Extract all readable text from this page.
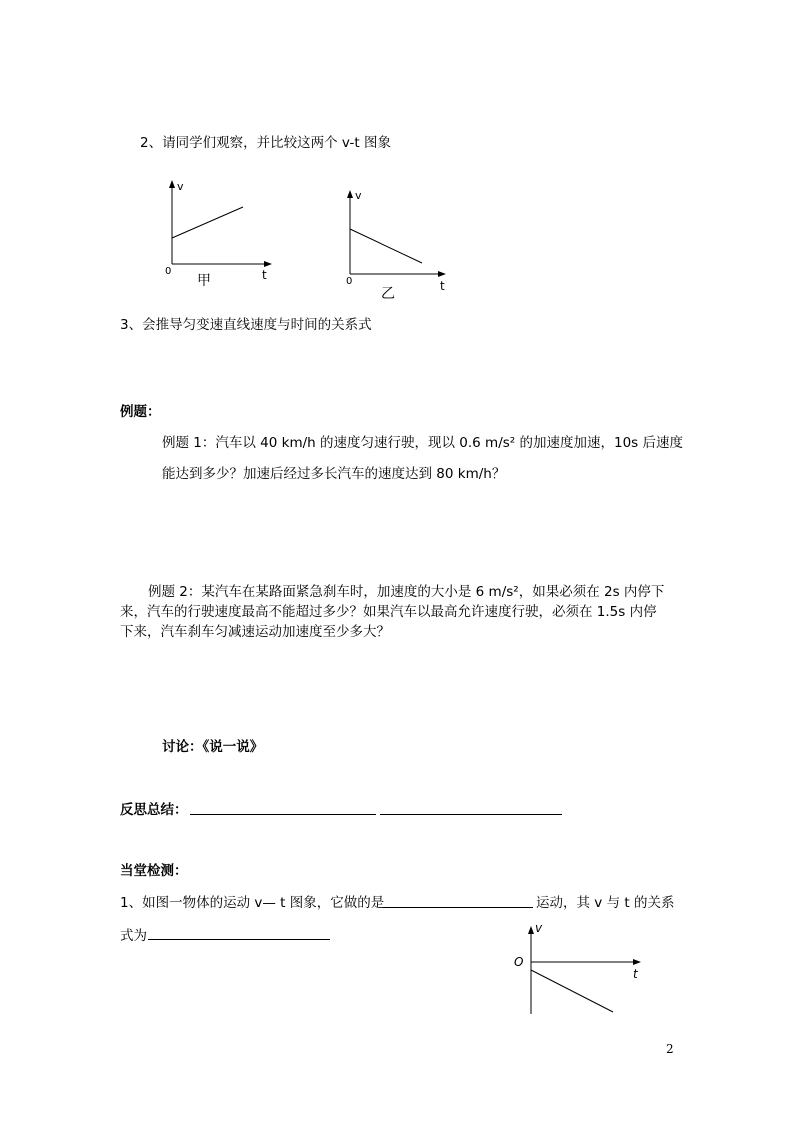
2、请同学们观察，并比较这两个 v-t 图象
v
t
0
甲
v
t
0
乙
3、会推导匀变速直线速度与时间的关系式
例题：
例题 1：汽车以 40 km/h 的速度匀速行驶，现以 0.6 m/s² 的加速度加速，10s 后速度
能达到多少？加速后经过多长汽车的速度达到 80 km/h？
例题 2：某汽车在某路面紧急刹车时，加速度的大小是 6 m/s²，如果必须在 2s 内停下
来，汽车的行驶速度最高不能超过多少？如果汽车以最高允许速度行驶，必须在 1.5s 内停
下来，汽车刹车匀减速运动加速度至少多大？
讨论：《说一说》
反思总结：
当堂检测：
1、如图一物体的运动 v— t 图象，它做的是	运动，其 v 与 t 的关系
式为	v
t
O
2
